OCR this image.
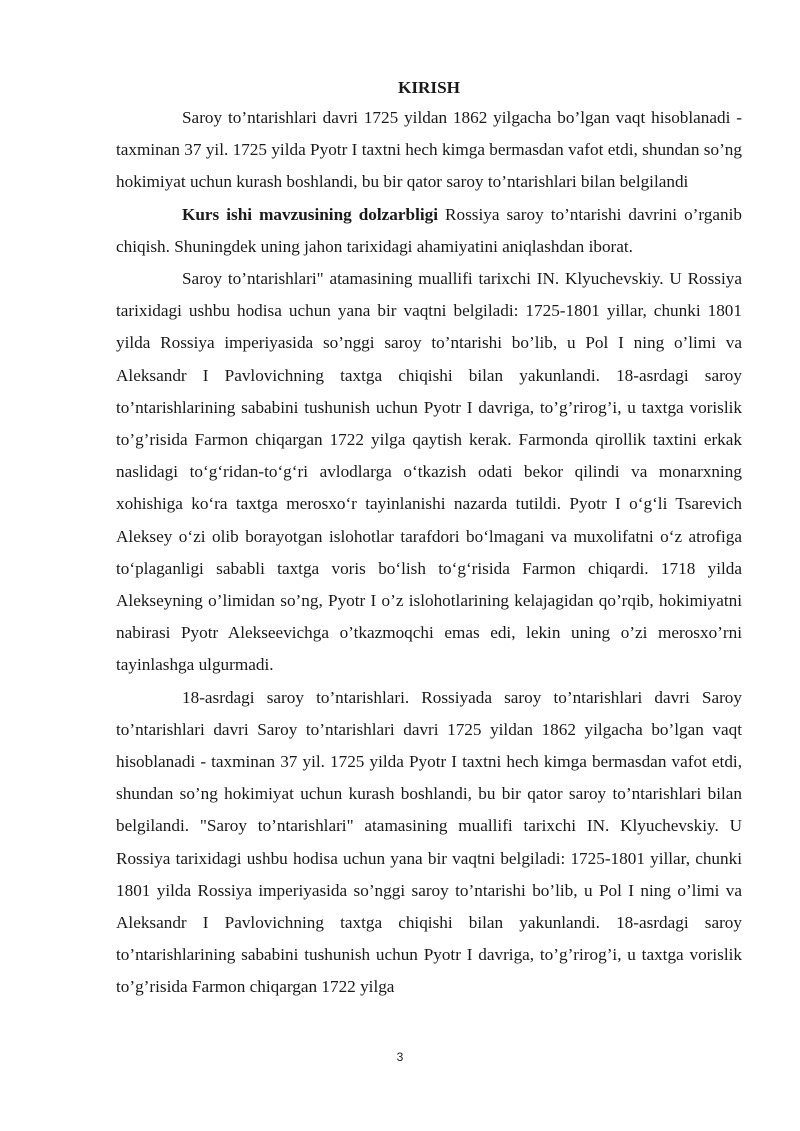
KIRISH

Saroy to’ntarishlari davri 1725 yildan 1862 yilgacha bo’lgan vaqt hisoblanadi - taxminan 37 yil. 1725 yilda Pyotr I taxtni hech kimga bermasdan vafot etdi, shundan so’ng hokimiyat uchun kurash boshlandi, bu bir qator saroy to’ntarishlari bilan belgilandi

Kurs ishi mavzusining dolzarbligi Rossiya saroy to’ntarishi davrini o’rganib chiqish. Shuningdek uning jahon tarixidagi ahamiyatini aniqlashdan iborat.

Saroy to’ntarishlari" atamasining muallifi tarixchi IN. Klyuchevskiy. U Rossiya tarixidagi ushbu hodisa uchun yana bir vaqtni belgiladi: 1725-1801 yillar, chunki 1801 yilda Rossiya imperiyasida so’nggi saroy to’ntarishi bo’lib, u Pol I ning o’limi va Aleksandr I Pavlovichning taxtga chiqishi bilan yakunlandi. 18-asrdagi saroy to’ntarishlarining sababini tushunish uchun Pyotr I davriga, to’g’rirog’i, u taxtga vorislik to’g’risida Farmon chiqargan 1722 yilga qaytish kerak. Farmonda qirollik taxtini erkak naslidagi to‘g‘ridan-to‘g‘ri avlodlarga o‘tkazish odati bekor qilindi va monarxning xohishiga ko‘ra taxtga merosxo‘r tayinlanishi nazarda tutildi. Pyotr I o‘g‘li Tsarevich Aleksey o‘zi olib borayotgan islohotlar tarafdori bo‘lmagani va muxolifatni o‘z atrofiga to‘plaganligi sababli taxtga voris bo‘lish to‘g‘risida Farmon chiqardi. 1718 yilda Alekseyning o’limidan so’ng, Pyotr I o’z islohotlarining kelajagidan qo’rqib, hokimiyatni nabirasi Pyotr Alekseevichga o’tkazmoqchi emas edi, lekin uning o’zi merosxo’rni tayinlashga ulgurmadi.

18-asrdagi saroy to’ntarishlari. Rossiyada saroy to’ntarishlari davri Saroy to’ntarishlari davri Saroy to’ntarishlari davri 1725 yildan 1862 yilgacha bo’lgan vaqt hisoblanadi - taxminan 37 yil. 1725 yilda Pyotr I taxtni hech kimga bermasdan vafot etdi, shundan so’ng hokimiyat uchun kurash boshlandi, bu bir qator saroy to’ntarishlari bilan belgilandi. "Saroy to’ntarishlari" atamasining muallifi tarixchi IN. Klyuchevskiy. U Rossiya tarixidagi ushbu hodisa uchun yana bir vaqtni belgiladi: 1725-1801 yillar, chunki 1801 yilda Rossiya imperiyasida so’nggi saroy to’ntarishi bo’lib, u Pol I ning o’limi va Aleksandr I Pavlovichning taxtga chiqishi bilan yakunlandi. 18-asrdagi saroy to’ntarishlarining sababini tushunish uchun Pyotr I davriga, to’g’rirog’i, u taxtga vorislik to’g’risida Farmon chiqargan 1722 yilga

3
